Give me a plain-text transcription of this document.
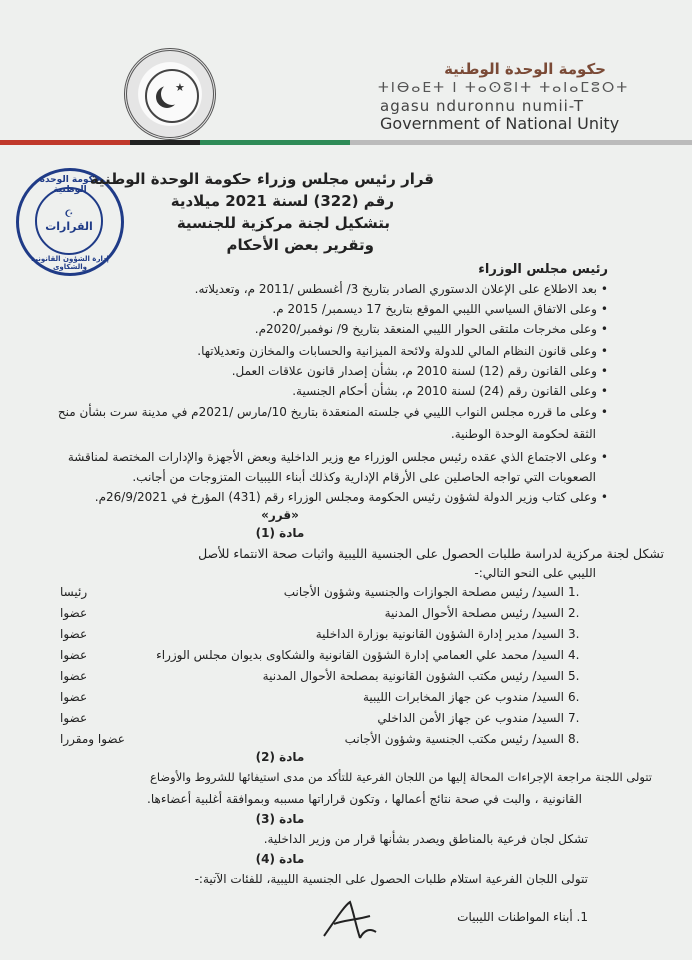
★
حكومة الوحدة الوطنية
ⵜⵏⴱⴰⴹⵜ ⵏ ⵜⴰⵙⵓⵏⵜ ⵜⴰⵏⴰⵎⵓⵔⵜ
agasu nduronnu numii-T
Government of National Unity
حكومة الوحدة الوطنية
☪
القرارات
إدارة الشؤون القانونية والشكاوى
قرار رئيس مجلس وزراء حكومة الوحدة الوطنية
رقم (322) لسنة 2021 ميلادية
بتشكيل لجنة مركزية للجنسية
وتقرير بعض الأحكام
رئيس مجلس الوزراء
• بعد الاطلاع على الإعلان الدستوري الصادر بتاريخ 3/ أغسطس /2011 م، وتعديلاته.
• وعلى الاتفاق السياسي الليبي الموقع بتاريخ 17 ديسمبر/ 2015 م.
• وعلى مخرجات ملتقى الحوار الليبي المنعقد بتاريخ 9/ نوفمبر/2020م.
• وعلى قانون النظام المالي للدولة ولائحة الميزانية والحسابات والمخازن وتعديلاتها.
• وعلى القانون رقم (12) لسنة 2010 م، بشأن إصدار قانون علاقات العمل.
• وعلى القانون رقم (24) لسنة 2010 م، بشأن أحكام الجنسية.
• وعلى ما قرره مجلس النواب الليبي في جلسته المنعقدة بتاريخ 10/مارس /2021م في مدينة سرت بشأن منح
الثقة لحكومة الوحدة الوطنية.
• وعلى الاجتماع الذي عقده رئيس مجلس الوزراء مع وزير الداخلية وبعض الأجهزة والإدارات المختصة لمناقشة
الصعوبات التي تواجه الحاصلين على الأرقام الإدارية وكذلك أبناء الليبيات المتزوجات من أجانب.
• وعلى كتاب وزير الدولة لشؤون رئيس الحكومة ومجلس الوزراء رقم (431) المؤرخ في 26/9/2021م.
«قرر»
مادة (1)
تشكل لجنة مركزية لدراسة طلبات الحصول على الجنسية الليبية واثبات صحة الانتماء للأصل
الليبي على النحو التالي:-
1.
السيد/ رئيس مصلحة الجوازات والجنسية وشؤون الأجانب
رئيسا
2.
السيد/ رئيس مصلحة الأحوال المدنية
عضوا
3.
السيد/ مدير إدارة الشؤون القانونية بوزارة الداخلية
عضوا
4.
السيد/ محمد علي العمامي إدارة الشؤون القانونية والشكاوى بديوان مجلس الوزراء
عضوا
5.
السيد/ رئيس مكتب الشؤون القانونية بمصلحة الأحوال المدنية
عضوا
6.
السيد/ مندوب عن جهاز المخابرات الليبية
عضوا
7.
السيد/ مندوب عن جهاز الأمن الداخلي
عضوا
8.
السيد/ رئيس مكتب الجنسية وشؤون الأجانب
عضوا ومقررا
مادة (2)
تتولى اللجنة مراجعة الإجراءات المحالة إليها من اللجان الفرعية للتأكد من مدى استيفائها للشروط والأوضاع
القانونية ، والبت في صحة نتائج أعمالها ، وتكون قراراتها مسببه وبموافقة أغلبية أعضاءها.
مادة (3)
تشكل لجان فرعية بالمناطق ويصدر بشأنها قرار من وزير الداخلية.
مادة (4)
تتولى اللجان الفرعية استلام طلبات الحصول على الجنسية الليبية، للفئات الآتية:-
1. أبناء المواطنات الليبيات
